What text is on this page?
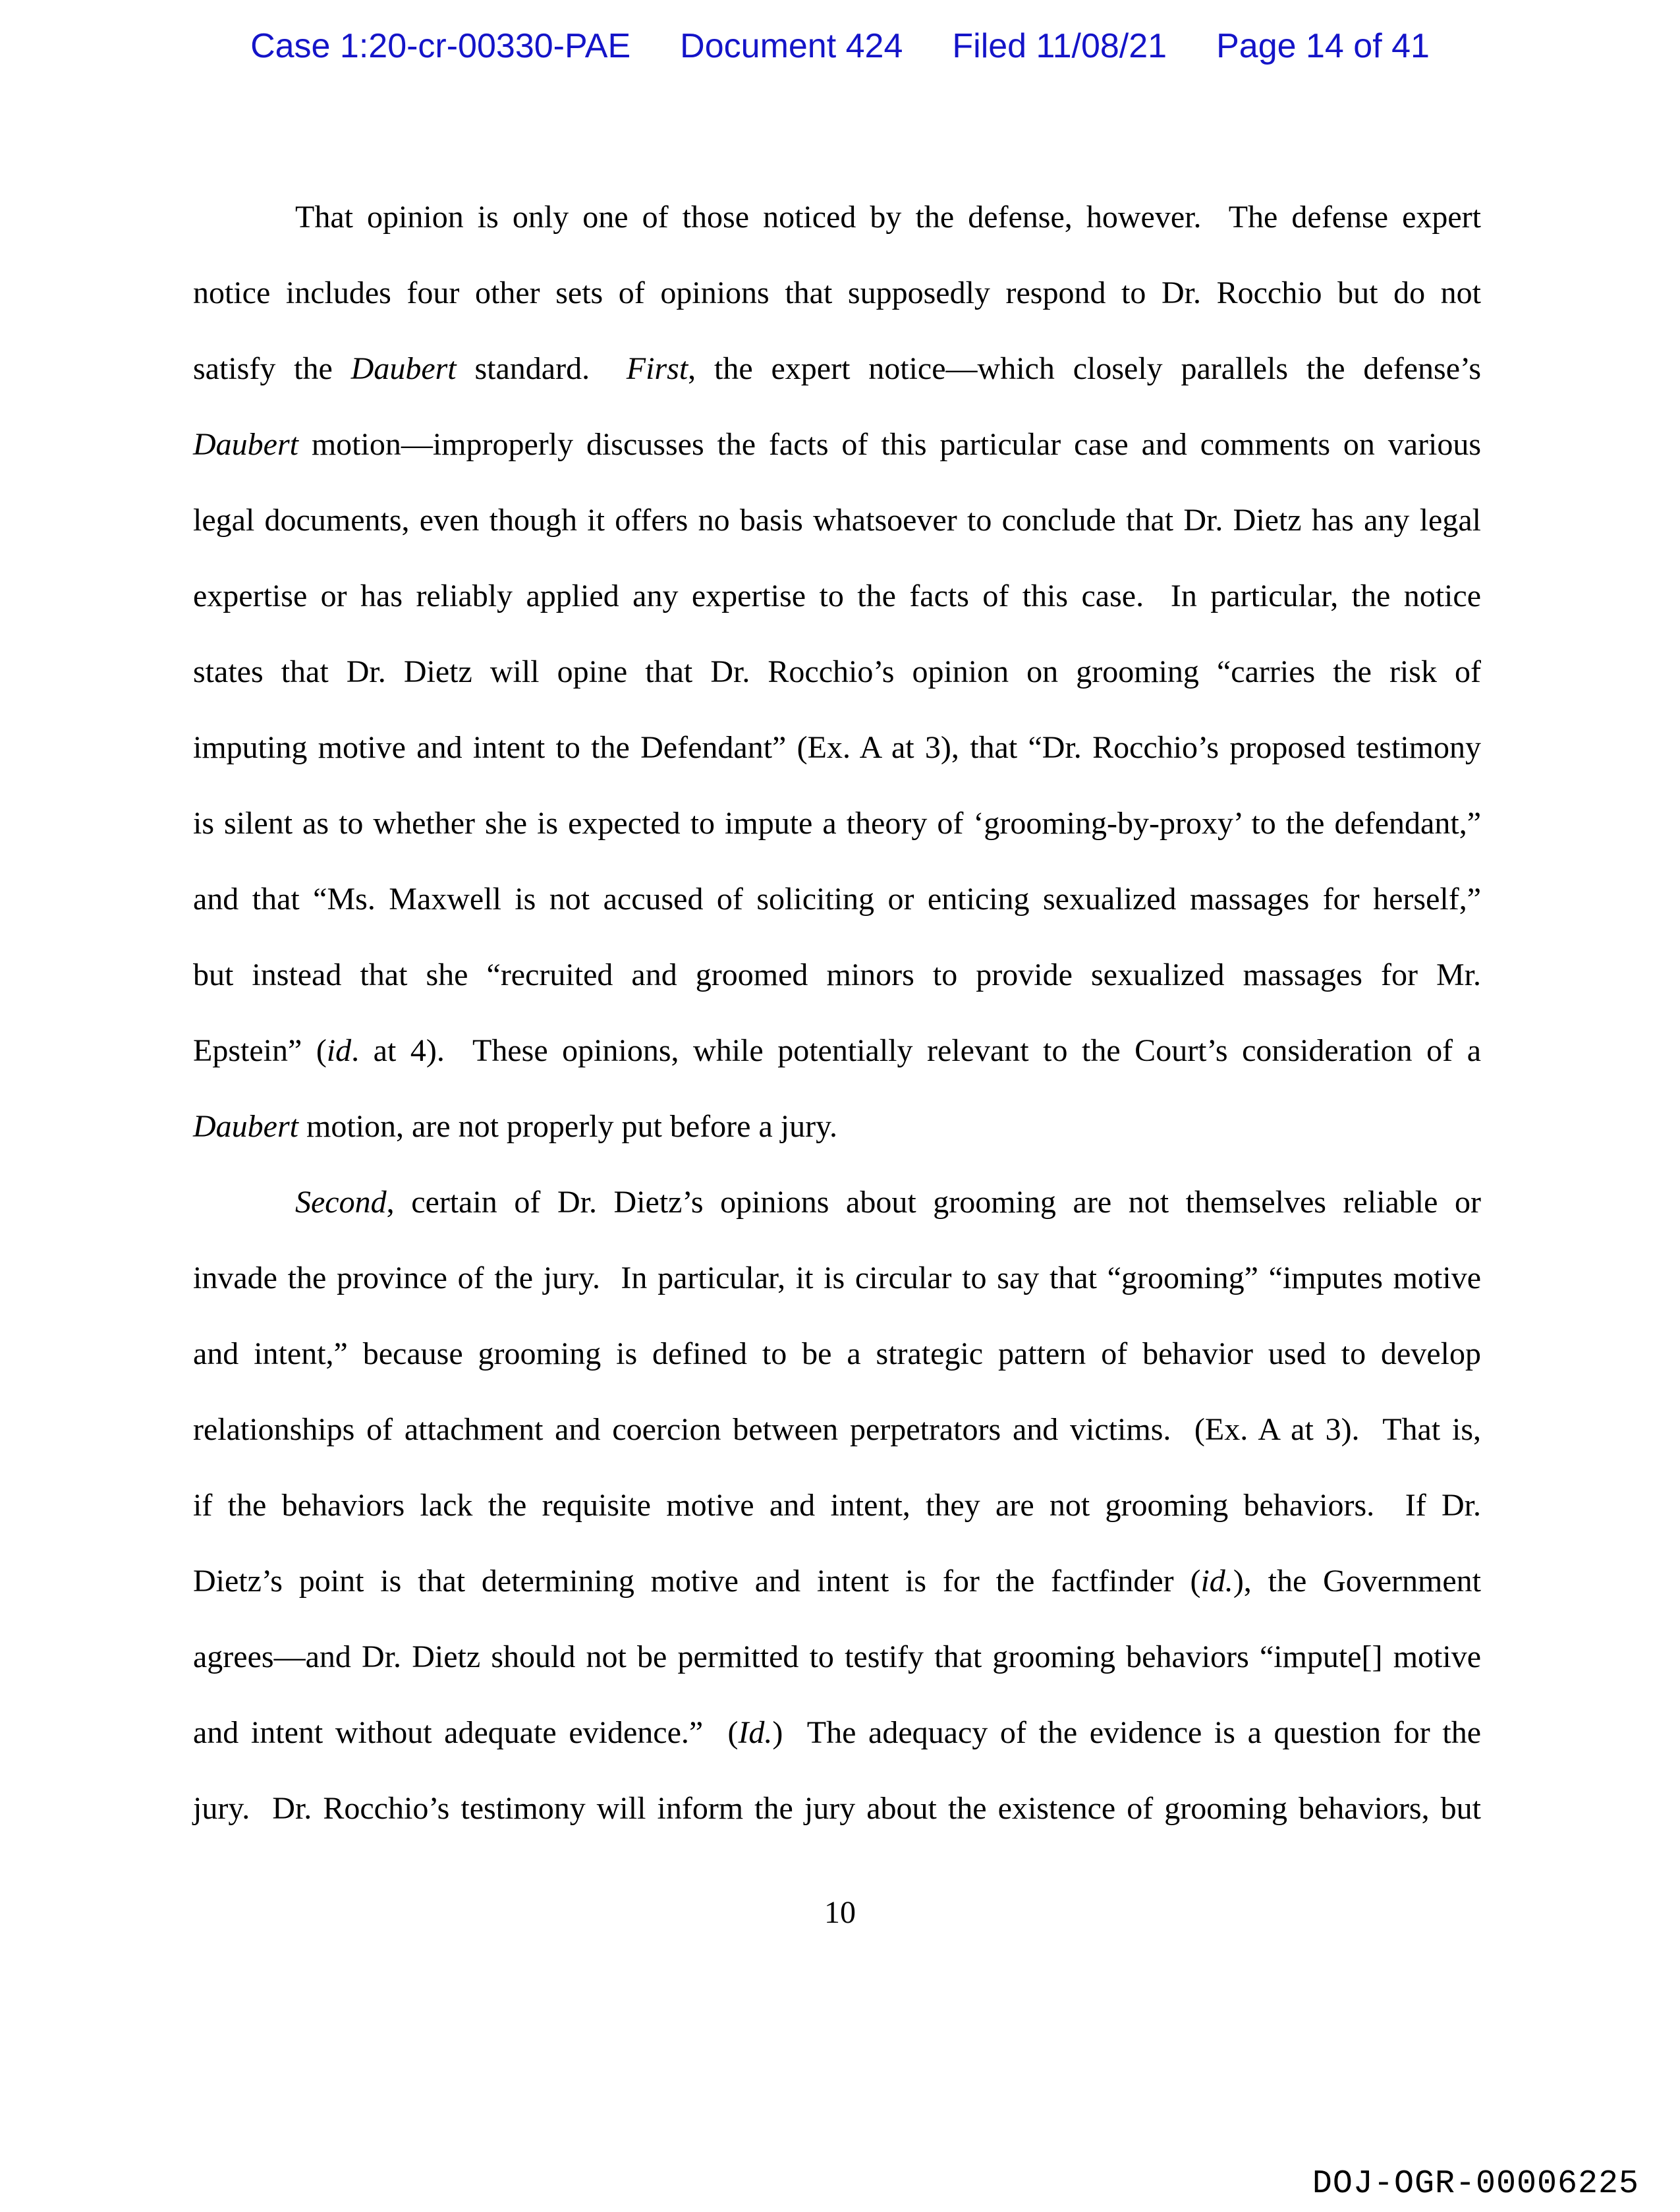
Case 1:20-cr-00330-PAE Document 424 Filed 11/08/21 Page 14 of 41
That opinion is only one of those noticed by the defense, however.  The defense expert
notice includes four other sets of opinions that supposedly respond to Dr. Rocchio but do not
satisfy the Daubert standard.  First, the expert notice—which closely parallels the defense’s
Daubert motion—improperly discusses the facts of this particular case and comments on various
legal documents, even though it offers no basis whatsoever to conclude that Dr. Dietz has any legal
expertise or has reliably applied any expertise to the facts of this case.  In particular, the notice
states that Dr. Dietz will opine that Dr. Rocchio’s opinion on grooming “carries the risk of
imputing motive and intent to the Defendant” (Ex. A at 3), that “Dr. Rocchio’s proposed testimony
is silent as to whether she is expected to impute a theory of ‘grooming-by-proxy’ to the defendant,”
and that “Ms. Maxwell is not accused of soliciting or enticing sexualized massages for herself,”
but instead that she “recruited and groomed minors to provide sexualized massages for Mr.
Epstein” (id. at 4).  These opinions, while potentially relevant to the Court’s consideration of a
Daubert motion, are not properly put before a jury.
Second, certain of Dr. Dietz’s opinions about grooming are not themselves reliable or
invade the province of the jury.  In particular, it is circular to say that “grooming” “imputes motive
and intent,” because grooming is defined to be a strategic pattern of behavior used to develop
relationships of attachment and coercion between perpetrators and victims.  (Ex. A at 3).  That is,
if the behaviors lack the requisite motive and intent, they are not grooming behaviors.  If Dr.
Dietz’s point is that determining motive and intent is for the factfinder (id.), the Government
agrees—and Dr. Dietz should not be permitted to testify that grooming behaviors “impute[] motive
and intent without adequate evidence.”  (Id.)  The adequacy of the evidence is a question for the
jury.  Dr. Rocchio’s testimony will inform the jury about the existence of grooming behaviors, but
10
DOJ-OGR-00006225
